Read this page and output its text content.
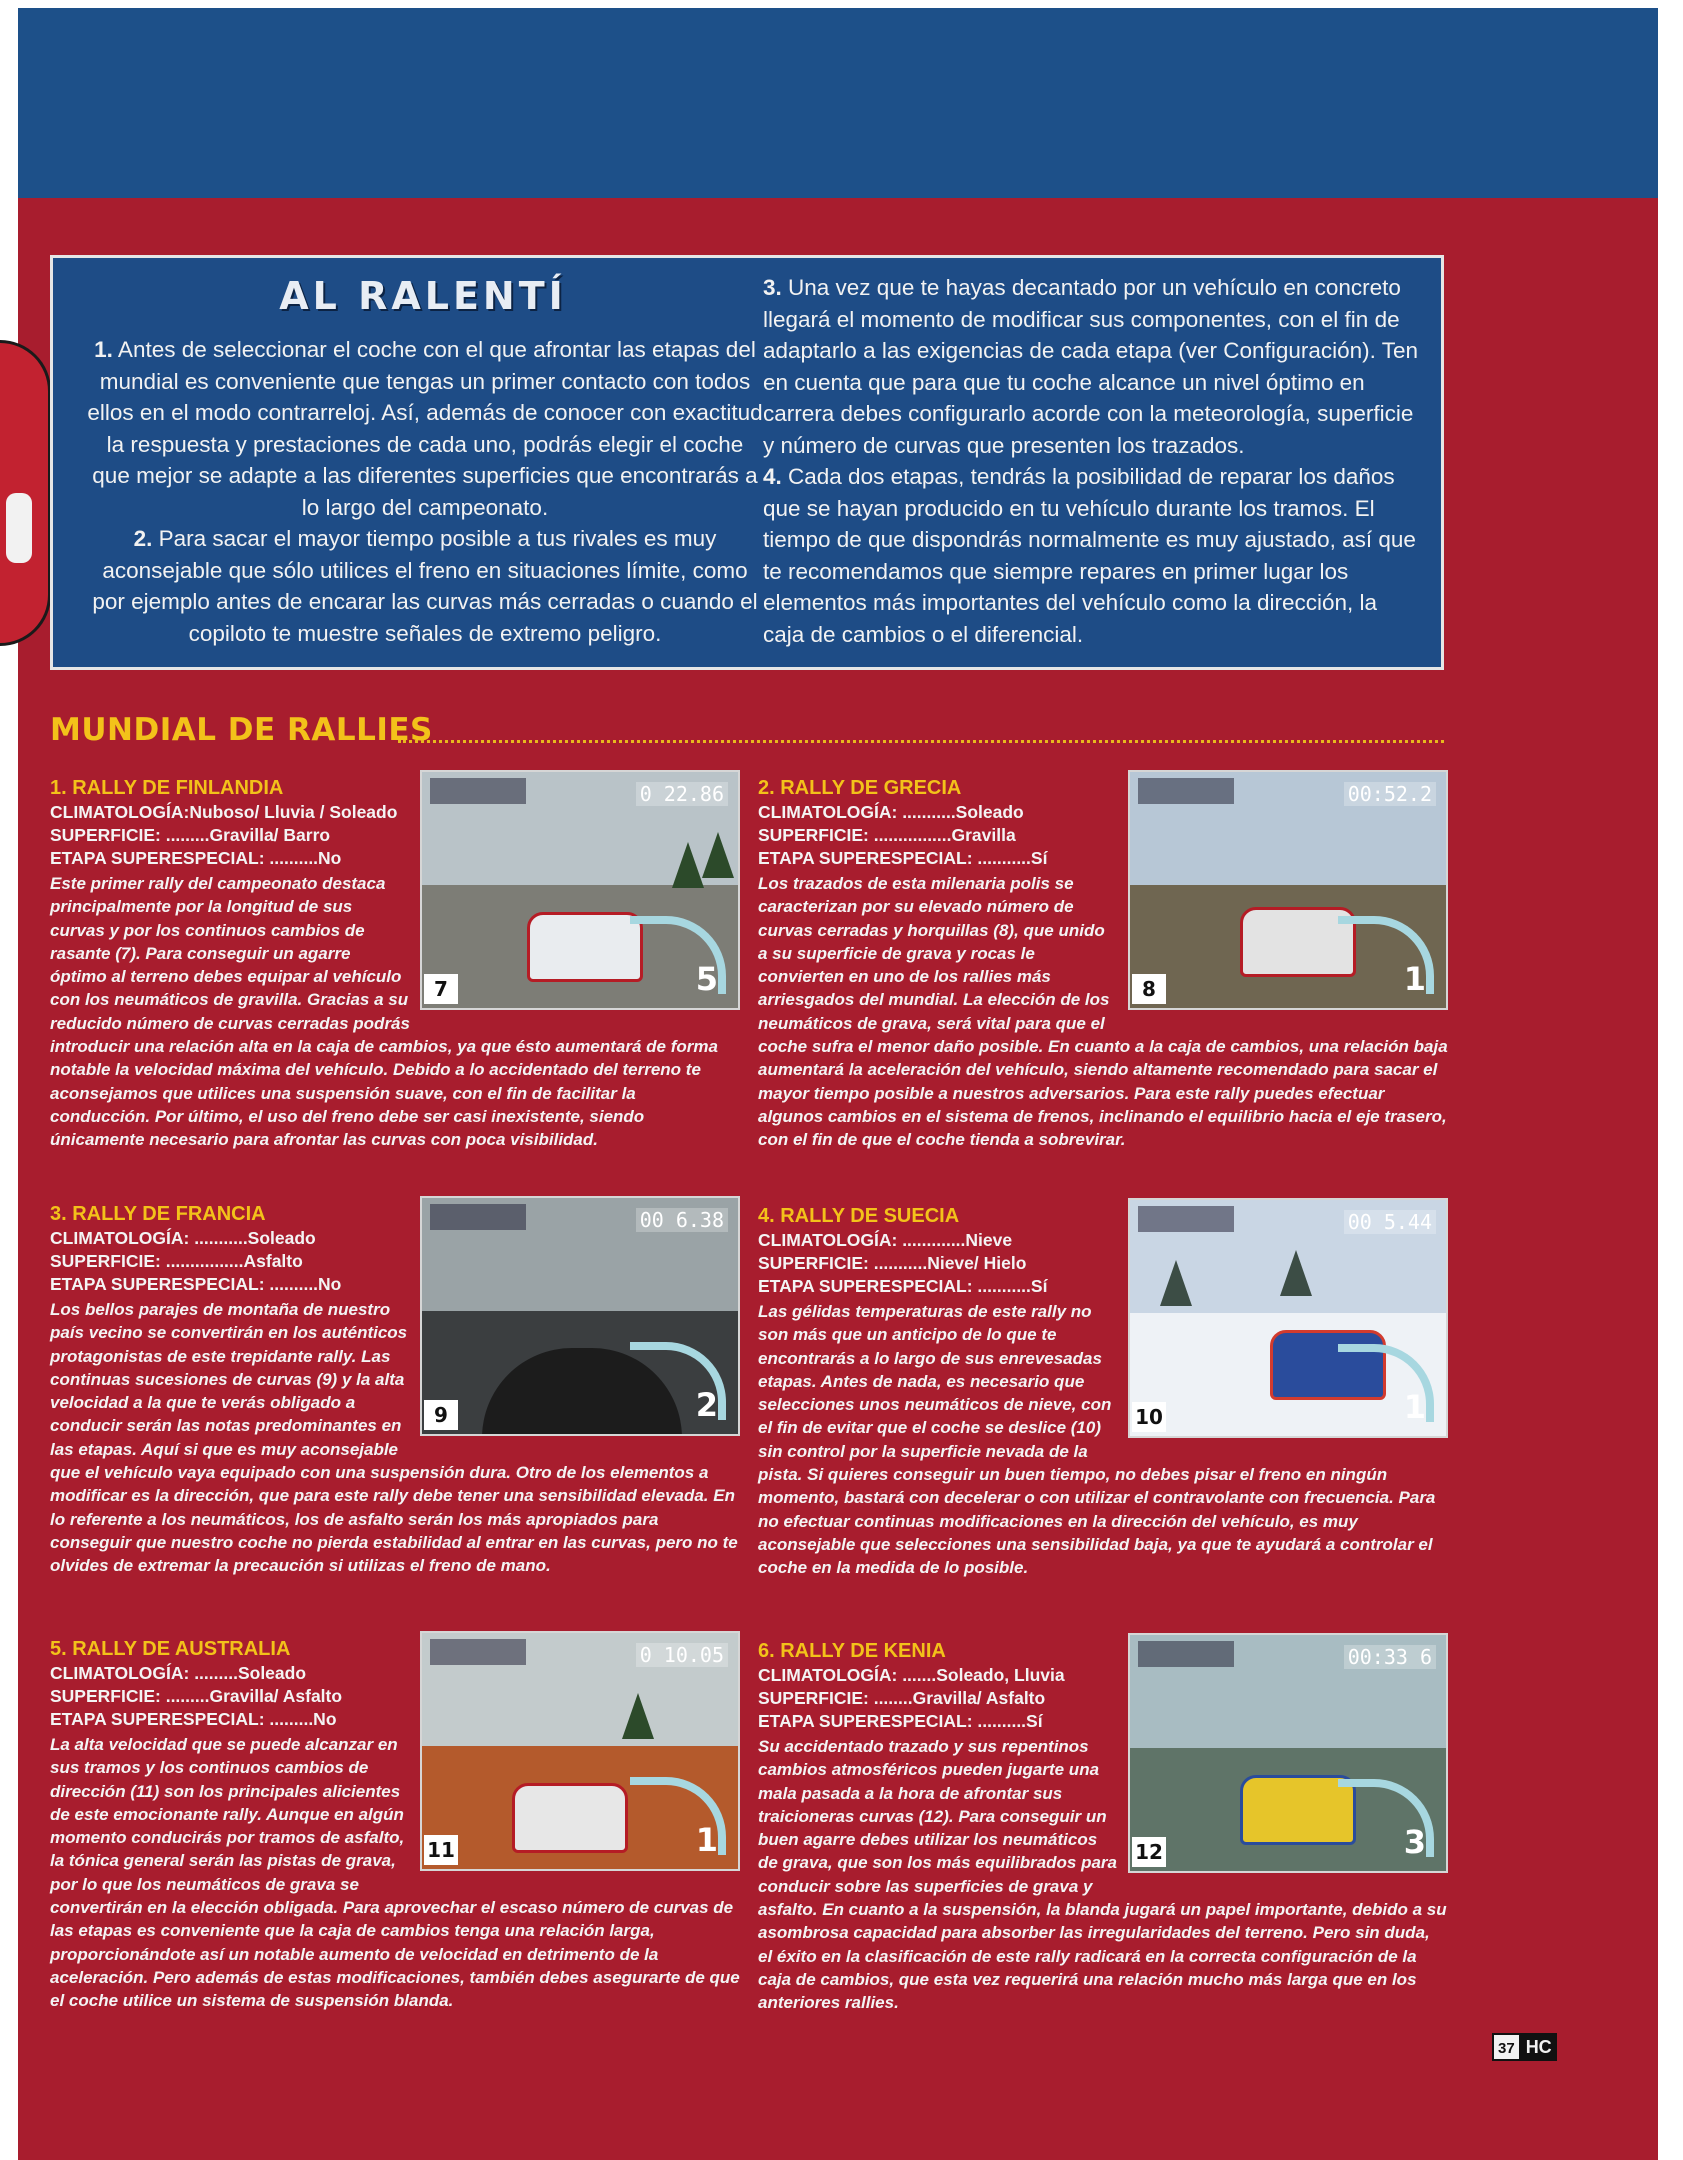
AL RALENTÍ

1. Antes de seleccionar el coche con el que afrontar las etapas del mundial es conveniente que tengas un primer contacto con todos ellos en el modo contrarreloj. Así, además de conocer con exactitud la respuesta y prestaciones de cada uno, podrás elegir el coche que mejor se adapte a las diferentes superficies que encontrarás a lo largo del campeonato.

2. Para sacar el mayor tiempo posible a tus rivales es muy aconsejable que sólo utilices el freno en situaciones límite, como por ejemplo antes de encarar las curvas más cerradas o cuando el copiloto te muestre señales de extremo peligro.

3. Una vez que te hayas decantado por un vehículo en concreto llegará el momento de modificar sus componentes, con el fin de adaptarlo a las exigencias de cada etapa (ver Configuración). Ten en cuenta que para que tu coche alcance un nivel óptimo en carrera debes configurarlo acorde con la meteorología, superficie y número de curvas que presenten los trazados.

4. Cada dos etapas, tendrás la posibilidad de reparar los daños que se hayan producido en tu vehículo durante los tramos. El tiempo de que dispondrás normalmente es muy ajustado, así que te recomendamos que siempre repares en primer lugar los elementos más importantes del vehículo como la dirección, la caja de cambios o el diferencial.

MUNDIAL DE RALLIES
0 22.86
5
7
1. RALLY DE FINLANDIA
CLIMATOLOGÍA:Nuboso/ Lluvia / Soleado
SUPERFICIE: .........Gravilla/ Barro
ETAPA SUPERESPECIAL: ..........No
Este primer rally del campeonato destaca principalmente por la longitud de sus curvas y por los continuos cambios de rasante (7). Para conseguir un agarre óptimo al terreno debes equipar al vehículo con los neumáticos de gravilla. Gracias a su reducido número de curvas cerradas podrás introducir una relación alta en la caja de cambios, ya que ésto aumentará de forma notable la velocidad máxima del vehículo. Debido a lo accidentado del terreno te aconsejamos que utilices una suspensión suave, con el fin de facilitar la conducción. Por último, el uso del freno debe ser casi inexistente, siendo únicamente necesario para afrontar las curvas con poca visibilidad.
00:52.2
1
8
2. RALLY DE GRECIA
CLIMATOLOGÍA: ...........Soleado
SUPERFICIE: ................Gravilla
ETAPA SUPERESPECIAL: ...........Sí
Los trazados de esta milenaria polis se caracterizan por su elevado número de curvas cerradas y horquillas (8), que unido a su superficie de grava y rocas le convierten en uno de los rallies más arriesgados del mundial. La elección de los neumáticos de grava, será vital para que el coche sufra el menor daño posible. En cuanto a la caja de cambios, una relación baja aumentará la aceleración del vehículo, siendo altamente recomendado para sacar el mayor tiempo posible a nuestros adversarios. Para este rally puedes efectuar algunos cambios en el sistema de frenos, inclinando el equilibrio hacia el eje trasero, con el fin de que el coche tienda a sobrevirar.
00 6.38
2
9
3. RALLY DE FRANCIA
CLIMATOLOGÍA: ...........Soleado
SUPERFICIE: ................Asfalto
ETAPA SUPERESPECIAL: ..........No
Los bellos parajes de montaña de nuestro país vecino se convertirán en los auténticos protagonistas de este trepidante rally. Las continuas sucesiones de curvas (9) y la alta velocidad a la que te verás obligado a conducir serán las notas predominantes en las etapas. Aquí si que es muy aconsejable que el vehículo vaya equipado con una suspensión dura. Otro de los elementos a modificar es la dirección, que para este rally debe tener una sensibilidad elevada. En lo referente a los neumáticos, los de asfalto serán los más apropiados para conseguir que nuestro coche no pierda estabilidad al entrar en las curvas, pero no te olvides de extremar la precaución si utilizas el freno de mano.
00 5.44
1
10
4. RALLY DE SUECIA
CLIMATOLOGÍA: .............Nieve
SUPERFICIE: ...........Nieve/ Hielo
ETAPA SUPERESPECIAL: ...........Sí
Las gélidas temperaturas de este rally no son más que un anticipo de lo que te encontrarás a lo largo de sus enrevesadas etapas. Antes de nada, es necesario que selecciones unos neumáticos de nieve, con el fin de evitar que el coche se deslice (10) sin control por la superficie nevada de la pista. Si quieres conseguir un buen tiempo, no debes pisar el freno en ningún momento, bastará con decelerar o con utilizar el contravolante con frecuencia. Para no efectuar continuas modificaciones en la dirección del vehículo, es muy aconsejable que selecciones una sensibilidad baja, ya que te ayudará a controlar el coche en la medida de lo posible.
0 10.05
1
11
5. RALLY DE AUSTRALIA
CLIMATOLOGÍA: .........Soleado
SUPERFICIE: .........Gravilla/ Asfalto
ETAPA SUPERESPECIAL: .........No
La alta velocidad que se puede alcanzar en sus tramos y los continuos cambios de dirección (11) son los principales alicientes de este emocionante rally. Aunque en algún momento conducirás por tramos de asfalto, la tónica general serán las pistas de grava, por lo que los neumáticos de grava se convertirán en la elección obligada. Para aprovechar el escaso número de curvas de las etapas es conveniente que la caja de cambios tenga una relación larga, proporcionándote así un notable aumento de velocidad en detrimento de la aceleración. Pero además de estas modificaciones, también debes asegurarte de que el coche utilice un sistema de suspensión blanda.
00:33 6
3
12
6. RALLY DE KENIA
CLIMATOLOGÍA: .......Soleado, Lluvia
SUPERFICIE: ........Gravilla/ Asfalto
ETAPA SUPERESPECIAL: ..........Sí
Su accidentado trazado y sus repentinos cambios atmosféricos pueden jugarte una mala pasada a la hora de afrontar sus traicioneras curvas (12). Para conseguir un buen agarre debes utilizar los neumáticos de grava, que son los más equilibrados para conducir sobre las superficies de grava y asfalto. En cuanto a la suspensión, la blanda jugará un papel importante, debido a su asombrosa capacidad para absorber las irregularidades del terreno. Pero sin duda, el éxito en la clasificación de este rally radicará en la correcta configuración de la caja de cambios, que esta vez requerirá una relación mucho más larga que en los anteriores rallies.
37 HC
